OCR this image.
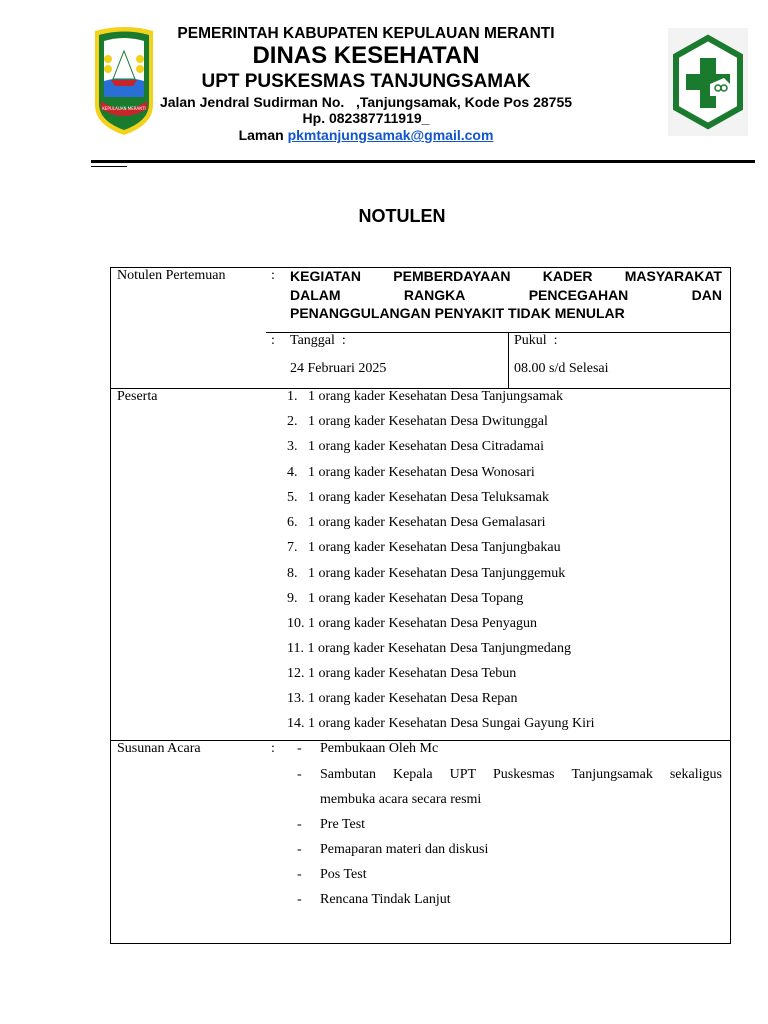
KEPULAUAN MERANTI
PEMERINTAH KABUPATEN KEPULAUAN MERANTI
DINAS KESEHATAN
UPT PUSKESMAS TANJUNGSAMAK
Jalan Jendral Sudirman No.   ,Tanjungsamak, Kode Pos 28755
Hp. 082387711919_
Laman pkmtanjungsamak@gmail.com
NOTULEN
Notulen Pertemuan	: KEGIATAN PEMBERDAYAAN KADER MASYARAKAT
DALAM	RANGKA	PENCEGAHAN	DAN
PENANGGULANGAN PENYAKIT TIDAK MENULAR
: Tanggal  :
24 Februari 2025
Pukul  :
08.00 s/d Selesai
Peserta	1.   1 orang kader Kesehatan Desa Tanjungsamak
2.   1 orang kader Kesehatan Desa Dwitunggal
3.   1 orang kader Kesehatan Desa Citradamai
4.   1 orang kader Kesehatan Desa Wonosari
5.   1 orang kader Kesehatan Desa Teluksamak
6.   1 orang kader Kesehatan Desa Gemalasari
7.   1 orang kader Kesehatan Desa Tanjungbakau
8.   1 orang kader Kesehatan Desa Tanjunggemuk
9.   1 orang kader Kesehatan Desa Topang
10. 1 orang kader Kesehatan Desa Penyagun
11. 1 orang kader Kesehatan Desa Tanjungmedang
12. 1 orang kader Kesehatan Desa Tebun
13. 1 orang kader Kesehatan Desa Repan
14. 1 orang kader Kesehatan Desa Sungai Gayung Kiri
Susunan Acara	: - Pembukaan Oleh Mc
- Sambutan Kepala UPT Puskesmas Tanjungsamak sekaligus
membuka acara secara resmi
- Pre Test
- Pemaparan materi dan diskusi
- Pos Test
- Rencana Tindak Lanjut
